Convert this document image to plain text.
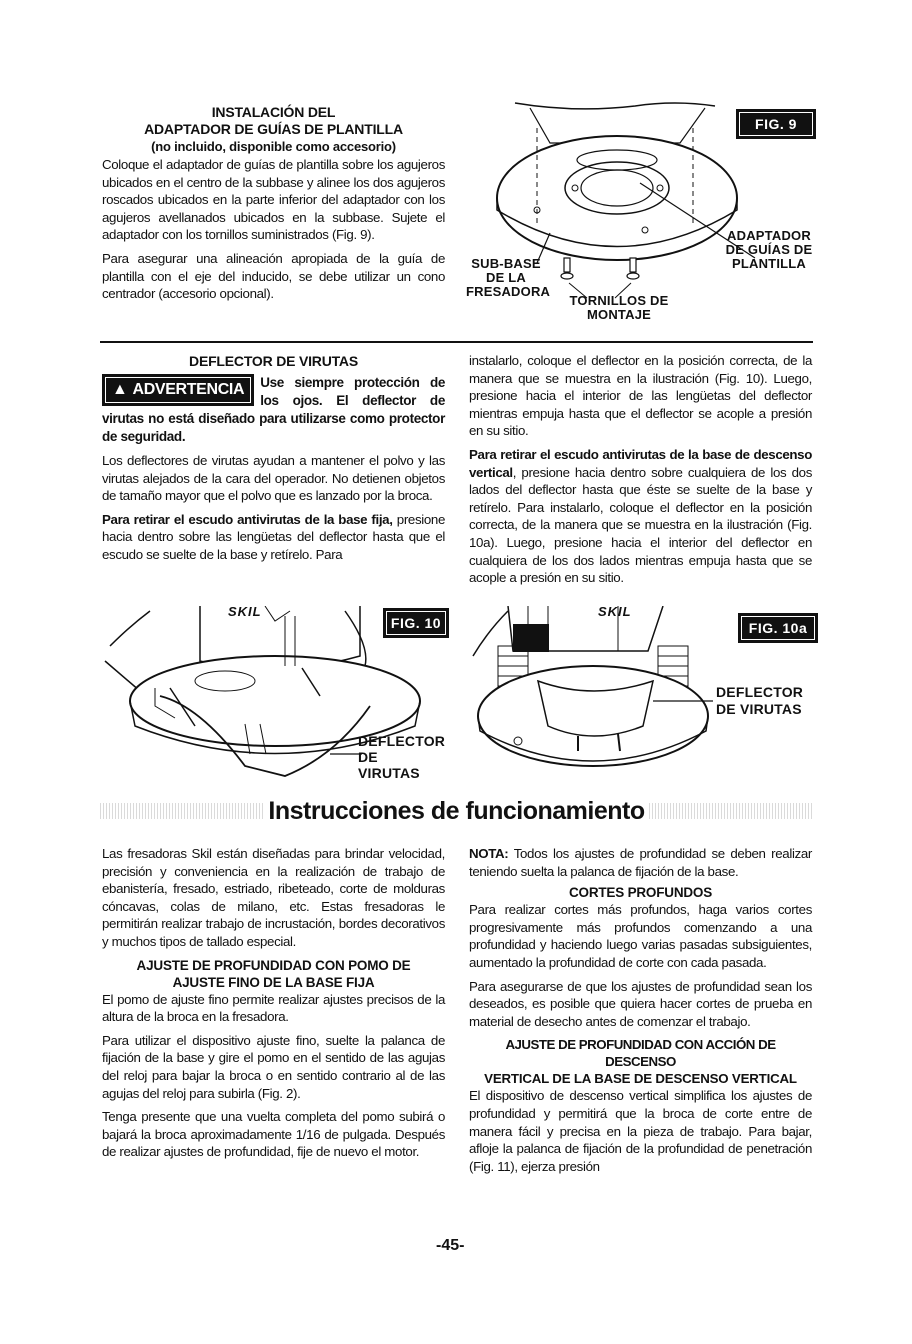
INSTALACIÓN DEL
ADAPTADOR DE GUÍAS DE PLANTILLA
(no incluido, disponible como accesorio)

Coloque el adaptador de guías de plantilla sobre los agujeros ubicados en el centro de la subbase y alinee los dos agujeros roscados ubicados en la parte inferior del adaptador con los agujeros avellanados ubicados en la subbase. Sujete el adaptador con los tornillos suministrados (Fig. 9).

Para asegurar una alineación apropiada de la guía de plantilla con el eje del inducido, se debe utilizar un cono centrador (accesorio opcional).

FIG. 9
SUB-BASE
DE LA
FRESADORA
TORNILLOS DE
MONTAJE
ADAPTADOR
DE GUÍAS DE
PLANTILLA
DEFLECTOR DE VIRUTAS

▲ ADVERTENCIA Use siempre protección de los ojos. El deflector de virutas no está diseñado para utilizarse como protector de seguridad.

Los deflectores de virutas ayudan a mantener el polvo y las virutas alejados de la cara del operador. No detienen objetos de tamaño mayor que el polvo que es lanzado por la broca.

Para retirar el escudo antivirutas de la base fija, presione hacia dentro sobre las lengüetas del deflector hasta que el escudo se suelte de la base y retírelo. Para

instalarlo, coloque el deflector en la posición correcta, de la manera que se muestra en la ilustración (Fig. 10). Luego, presione hacia el interior de las lengüetas del deflector mientras empuja hasta que el deflector se acople a presión en su sitio.

Para retirar el escudo antivirutas de la base de descenso vertical, presione hacia dentro sobre cualquiera de los dos lados del deflector hasta que éste se suelte de la base y retírelo. Para instalarlo, coloque el deflector en la posición correcta, de la manera que se muestra en la ilustración (Fig. 10a). Luego, presione hacia el interior del deflector en cualquiera de los dos lados mientras empuja hasta que se acople a presión en su sitio.

SKIL
FIG. 10
DEFLECTOR
DE VIRUTAS
SKIL
FIG. 10a
DEFLECTOR
DE VIRUTAS
Instrucciones de funcionamiento

Las fresadoras Skil están diseñadas para brindar velocidad, precisión y conveniencia en la realización de trabajo de ebanistería, fresado, estriado, ribeteado, corte de molduras cóncavas, colas de milano, etc. Estas fresadoras le permitirán realizar trabajo de incrustación, bordes decorativos y muchos tipos de tallado especial.

AJUSTE DE PROFUNDIDAD CON POMO DE
AJUSTE FINO DE LA BASE FIJA

El pomo de ajuste fino permite realizar ajustes precisos de la altura de la broca en la fresadora.

Para utilizar el dispositivo ajuste fino, suelte la palanca de fijación de la base y gire el pomo en el sentido de las agujas del reloj para bajar la broca o en sentido contrario al de las agujas del reloj para subirla (Fig. 2).

Tenga presente que una vuelta completa del pomo subirá o bajará la broca aproximadamente 1/16 de pulgada. Después de realizar ajustes de profundidad, fije de nuevo el motor.

NOTA: Todos los ajustes de profundidad se deben realizar teniendo suelta la palanca de fijación de la base.

CORTES PROFUNDOS

Para realizar cortes más profundos, haga varios cortes progresivamente más profundos comenzando a una profundidad y haciendo luego varias pasadas subsiguientes, aumentado la profundidad de corte con cada pasada.

Para asegurarse de que los ajustes de profundidad sean los deseados, es posible que quiera hacer cortes de prueba en material de desecho antes de comenzar el trabajo.

AJUSTE DE PROFUNDIDAD CON ACCIÓN DE DESCENSO
VERTICAL DE LA BASE DE DESCENSO VERTICAL

El dispositivo de descenso vertical simplifica los ajustes de profundidad y permitirá que la broca de corte entre de manera fácil y precisa en la pieza de trabajo. Para bajar, afloje la palanca de fijación de la profundidad de penetración (Fig. 11), ejerza presión

-45-
